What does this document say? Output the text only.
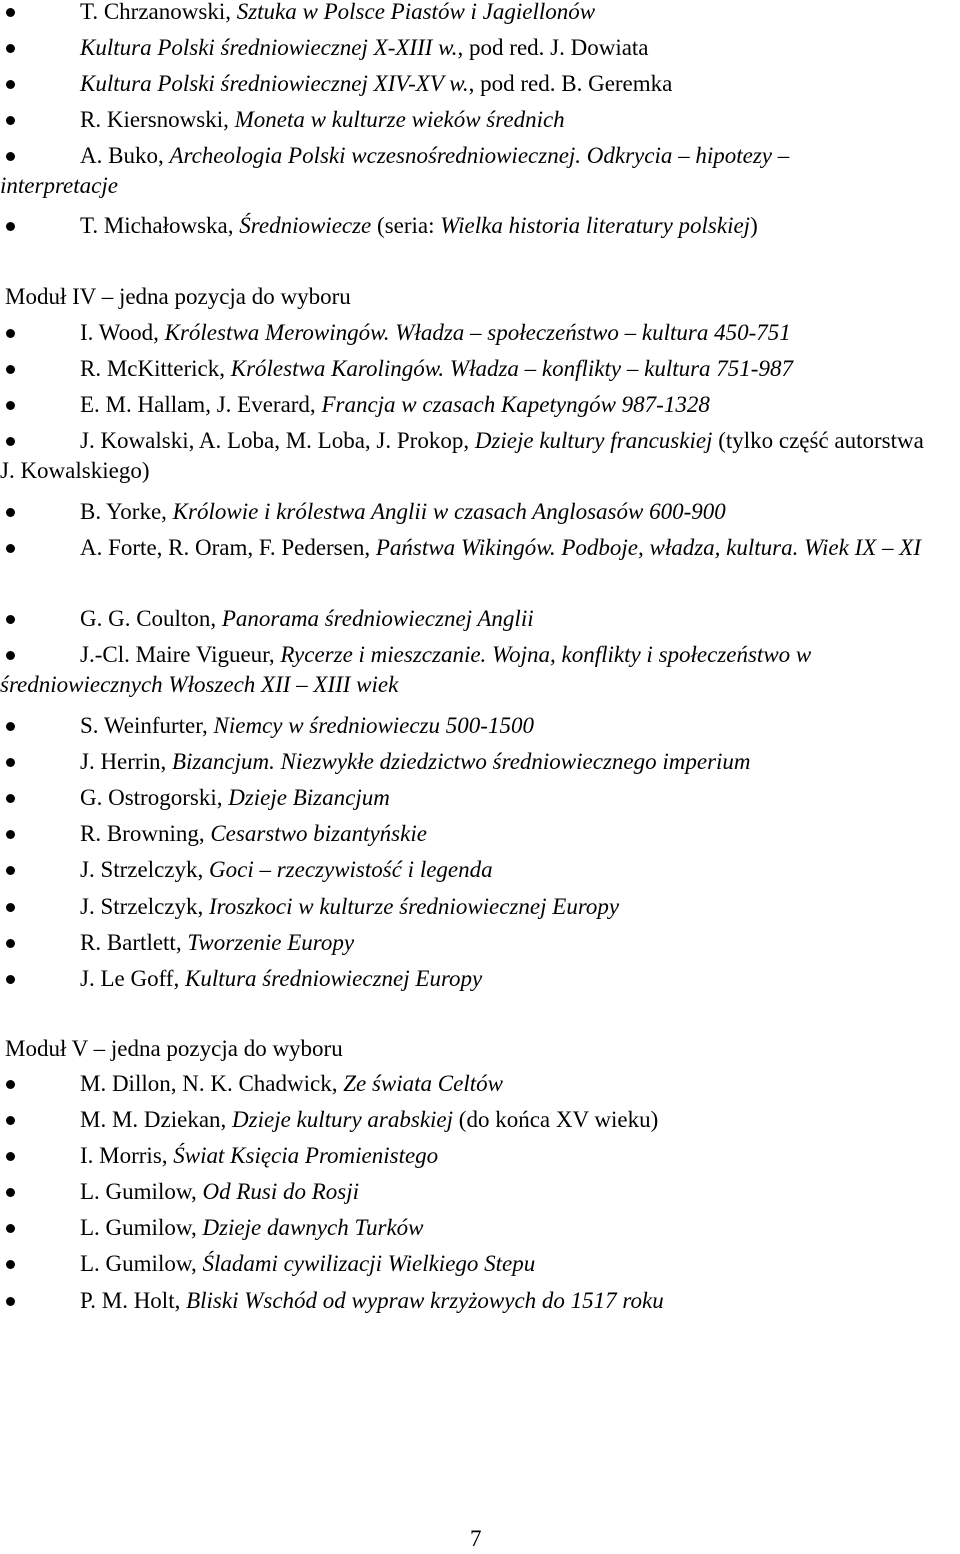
T. Chrzanowski, Sztuka w Polsce Piastów i Jagiellonów
Kultura Polski średniowiecznej X-XIII w., pod red. J. Dowiata
Kultura Polski średniowiecznej XIV-XV w., pod red. B. Geremka
R. Kiersnowski, Moneta w kulturze wieków średnich
A. Buko, Archeologia Polski wczesnośredniowiecznej. Odkrycia – hipotezy – interpretacje
T. Michałowska, Średniowiecze (seria: Wielka historia literatury polskiej)
Moduł IV – jedna pozycja do wyboru
I. Wood, Królestwa Merowingów. Władza – społeczeństwo – kultura 450-751
R. McKitterick, Królestwa Karolingów. Władza – konflikty – kultura 751-987
E. M. Hallam, J. Everard, Francja w czasach Kapetyngów 987-1328
J. Kowalski, A. Loba, M. Loba, J. Prokop, Dzieje kultury francuskiej (tylko część autorstwa J. Kowalskiego)
B. Yorke, Królowie i królestwa Anglii w czasach Anglosasów 600-900
A. Forte, R. Oram, F. Pedersen, Państwa Wikingów. Podboje, władza, kultura. Wiek IX – XI
G. G. Coulton, Panorama średniowiecznej Anglii
J.-Cl. Maire Vigueur, Rycerze i mieszczanie. Wojna, konflikty i społeczeństwo w średniowiecznych Włoszech XII – XIII wiek
S. Weinfurter, Niemcy w średniowieczu 500-1500
J. Herrin, Bizancjum. Niezwykłe dziedzictwo średniowiecznego imperium
G. Ostrogorski, Dzieje Bizancjum
R. Browning, Cesarstwo bizantyńskie
J. Strzelczyk, Goci – rzeczywistość i legenda
J. Strzelczyk, Iroszkoci w kulturze średniowiecznej Europy
R. Bartlett, Tworzenie Europy
J. Le Goff, Kultura średniowiecznej Europy
Moduł V – jedna pozycja do wyboru
M. Dillon, N. K. Chadwick, Ze świata Celtów
M. M. Dziekan, Dzieje kultury arabskiej (do końca XV wieku)
I. Morris, Świat Księcia Promienistego
L. Gumilow, Od Rusi do Rosji
L. Gumilow, Dzieje dawnych Turków
L. Gumilow, Śladami cywilizacji Wielkiego Stepu
P. M. Holt, Bliski Wschód od wypraw krzyżowych do 1517 roku
7
